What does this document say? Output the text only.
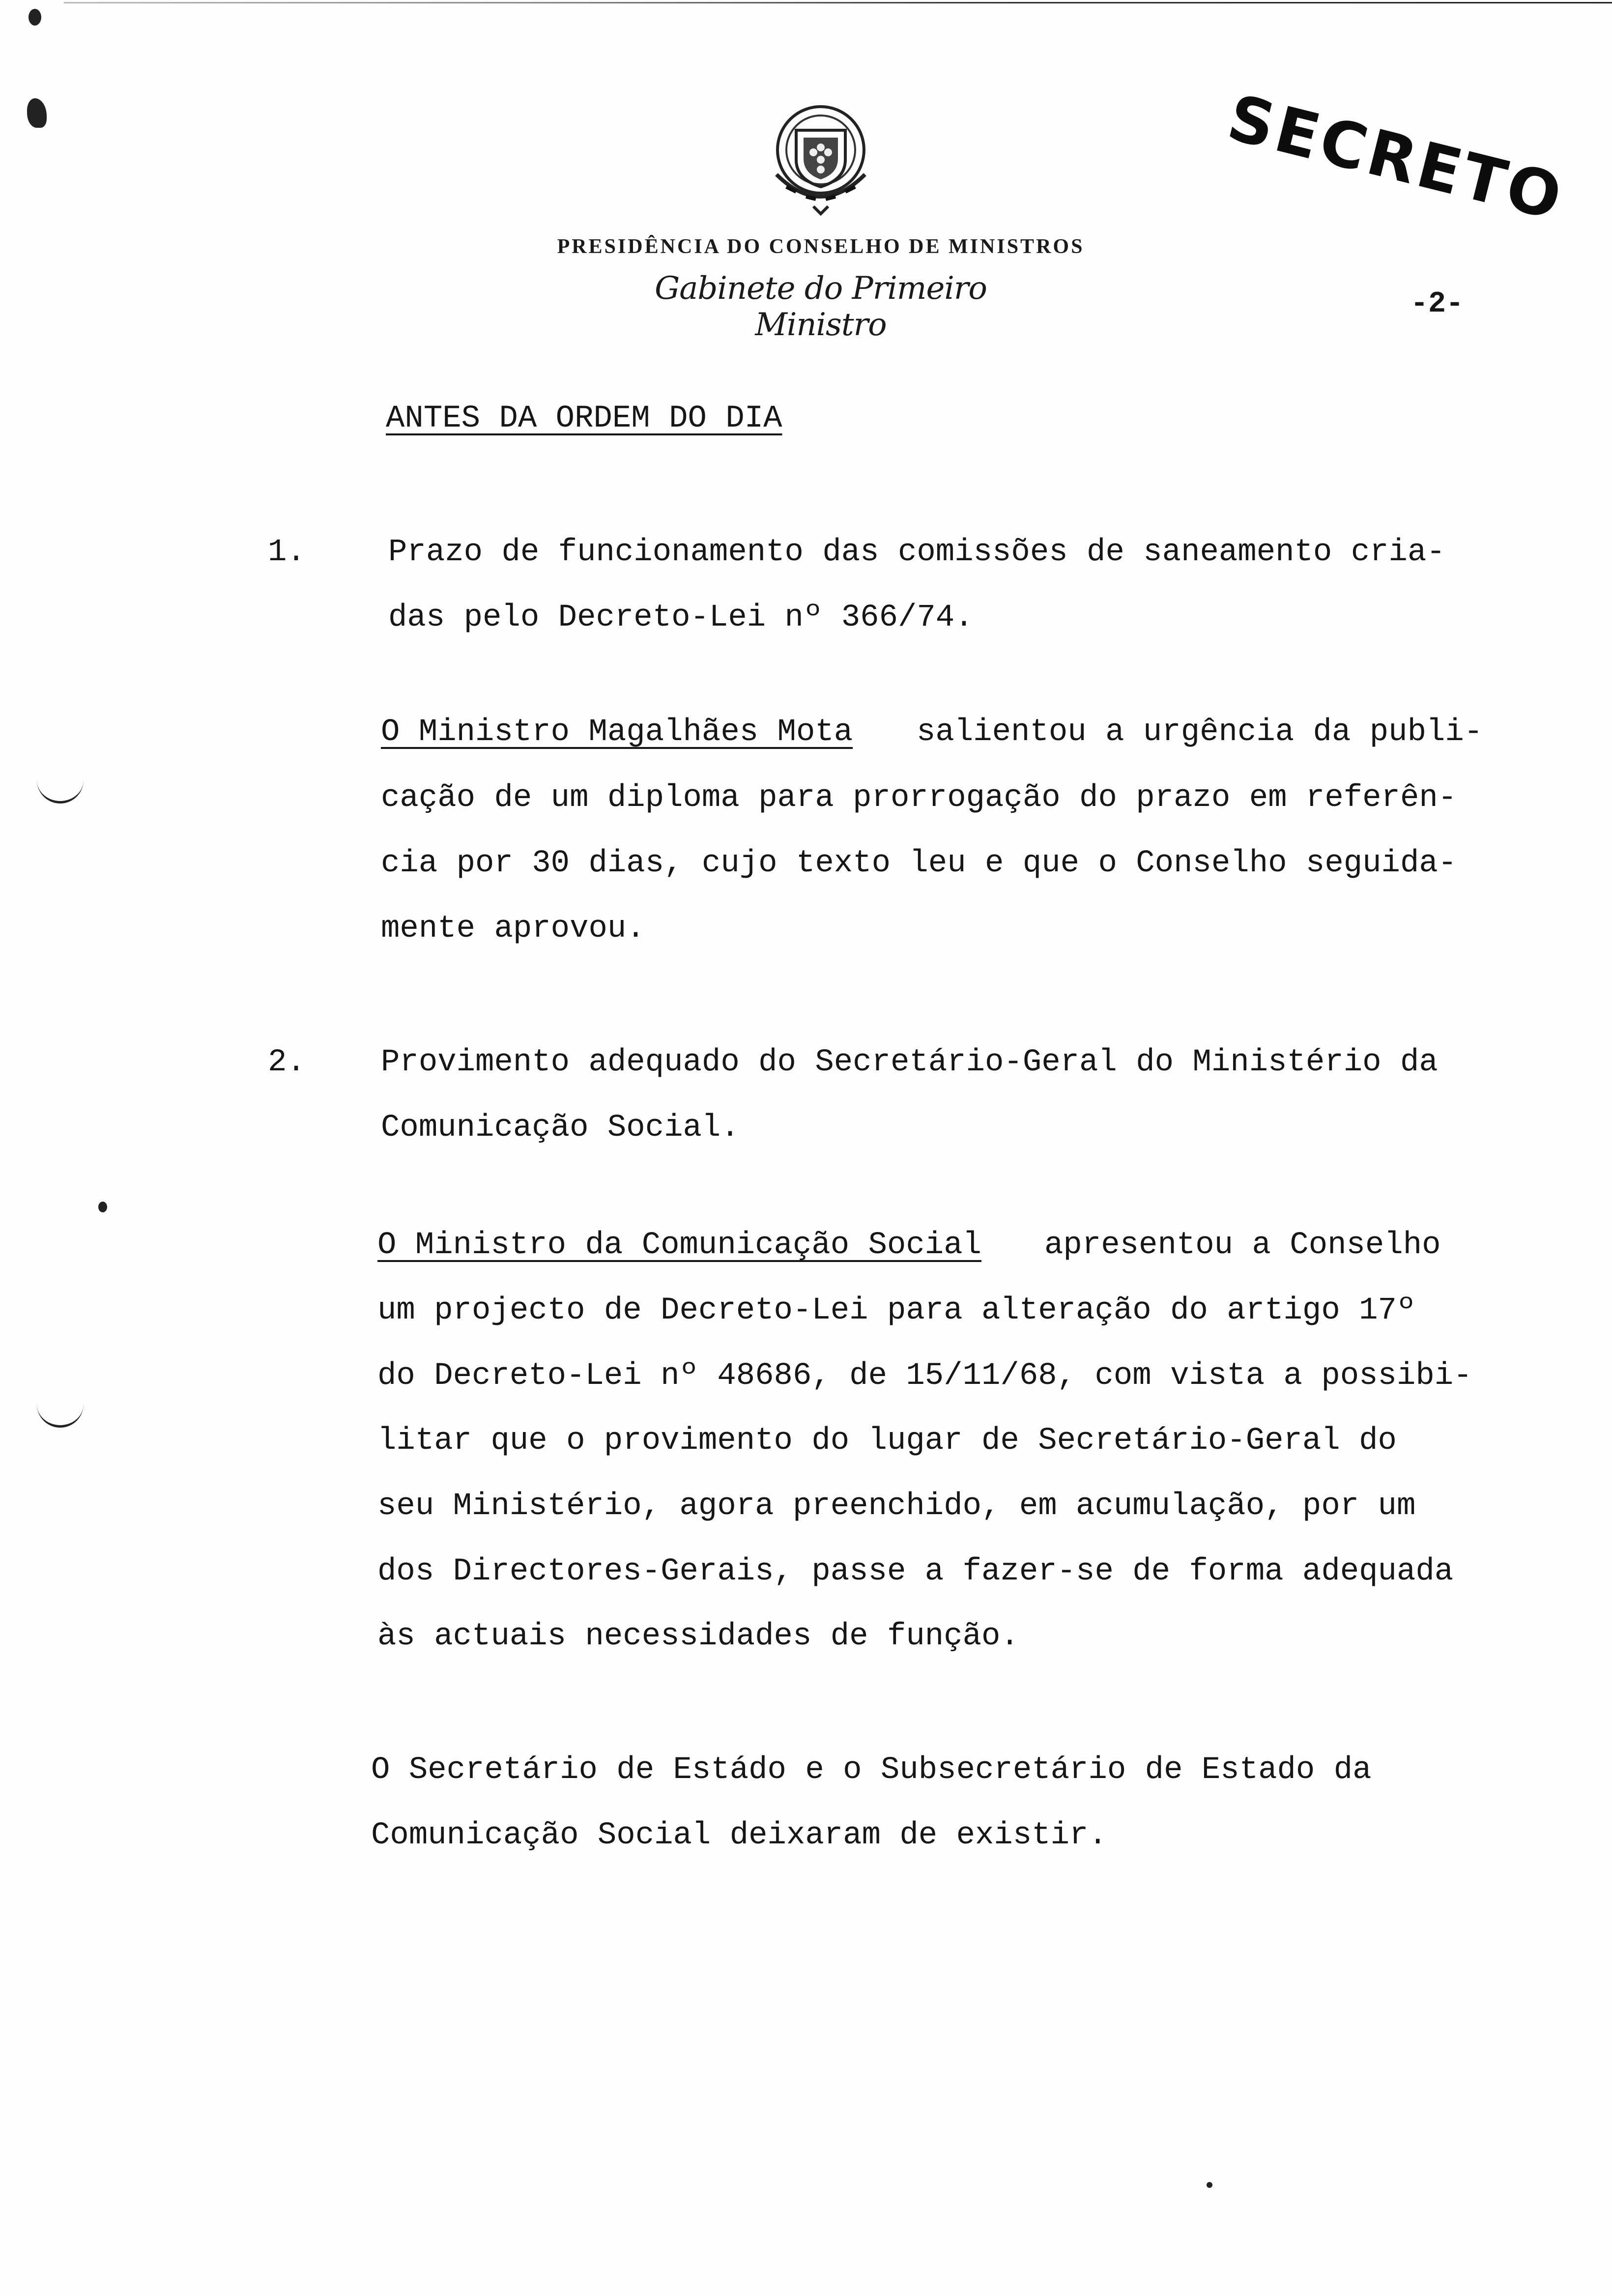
PRESIDÊNCIA DO CONSELHO DE MINISTROS
Gabinete do Primeiro Ministro
SECRETO
-2-
ANTES DA ORDEM DO DIA
1.	Prazo de funcionamento das comissões de saneamento cria-
das pelo Decreto-Lei nº 366/74.
O Ministro Magalhães Mota salientou a urgência da publi-
cação de um diploma para prorrogação do prazo em referên-
cia por 30 dias, cujo texto leu e que o Conselho seguida-
mente aprovou.
2. Provimento adequado do Secretário-Geral do Ministério da
Comunicação Social.
O Ministro da Comunicação Social apresentou a Conselho
um projecto de Decreto-Lei para alteração do artigo 17º
do Decreto-Lei nº 48686, de 15/11/68, com vista a possibi-
litar que o provimento do lugar de Secretário-Geral do
seu Ministério, agora preenchido, em acumulação, por um
dos Directores-Gerais, passe a fazer-se de forma adequada
às actuais necessidades de função.
O Secretário de Estádo e o Subsecretário de Estado da
Comunicação Social deixaram de existir.
